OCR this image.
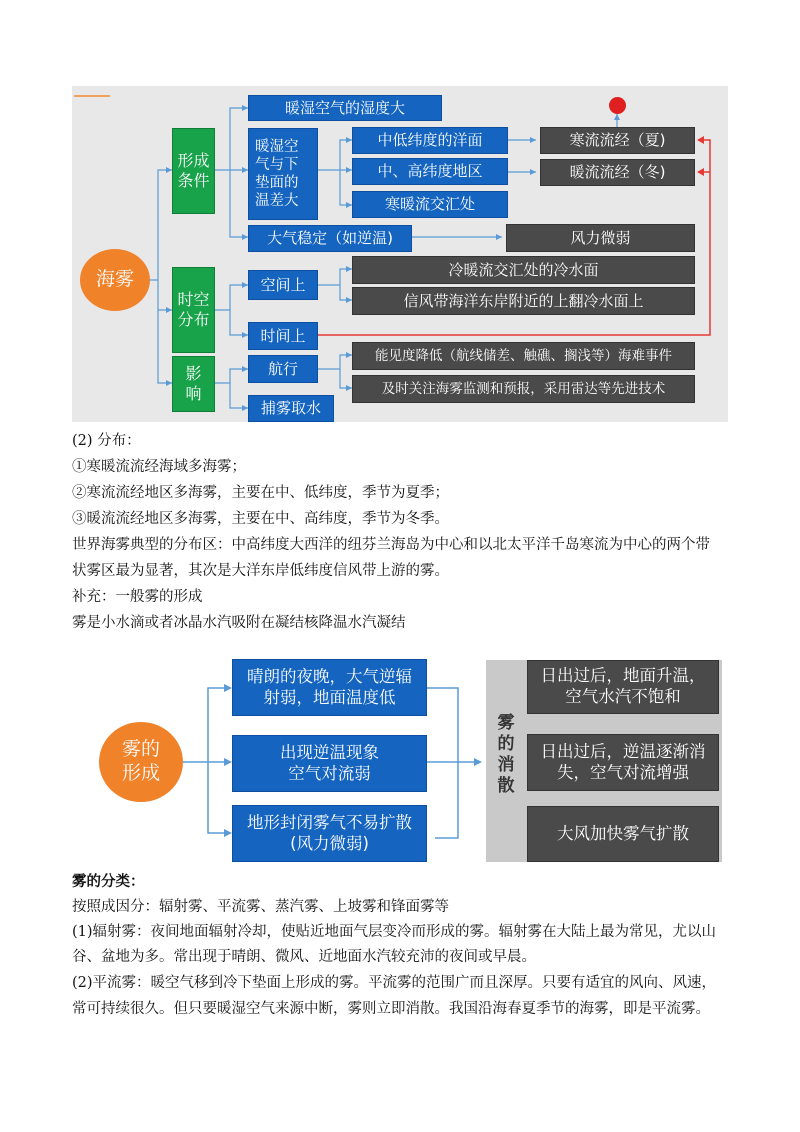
海雾
形成条件
时空分布
影响
暖湿空气的湿度大
暖湿空气与下垫面的温差大
中低纬度的洋面
中、高纬度地区
寒暖流交汇处
寒流流经（夏)
暖流流经（冬)
大气稳定（如逆温)	风力微弱
空间上
冷暖流交汇处的冷水面
信风带海洋东岸附近的上翻冷水面上
时间上
航行
能见度降低（航线储差、触礁、搁浅等）海难事件
及时关注海雾监测和预报，采用雷达等先进技术
捕雾取水
(2) 分布：
①寒暖流流经海域多海雾；
②寒流流经地区多海雾，主要在中、低纬度，季节为夏季；
③暖流流经地区多海雾，主要在中、高纬度，季节为冬季。
世界海雾典型的分布区：中高纬度大西洋的纽芬兰海岛为中心和以北太平洋千岛寒流为中心的两个带
状雾区最为显著，其次是大洋东岸低纬度信风带上游的雾。
补充：一般雾的形成
雾是小水滴或者冰晶水汽吸附在凝结核降温水汽凝结
雾的形成
晴朗的夜晚，大气逆辐射弱，地面温度低
出现逆温现象空气对流弱
地形封闭雾气不易扩散(风力微弱)
雾的消散
日出过后，地面升温，空气水汽不饱和
日出过后，逆温逐渐消失，空气对流增强
大风加快雾气扩散
雾的分类：
按照成因分：辐射雾、平流雾、蒸汽雾、上坡雾和锋面雾等
(1)辐射雾：夜间地面辐射冷却，使贴近地面气层变冷而形成的雾。辐射雾在大陆上最为常见，尤以山
谷、盆地为多。常出现于晴朗、微风、近地面水汽较充沛的夜间或早晨。
(2)平流雾：暖空气移到冷下垫面上形成的雾。平流雾的范围广而且深厚。只要有适宜的风向、风速，
常可持续很久。但只要暖湿空气来源中断，雾则立即消散。我国沿海春夏季节的海雾，即是平流雾。
